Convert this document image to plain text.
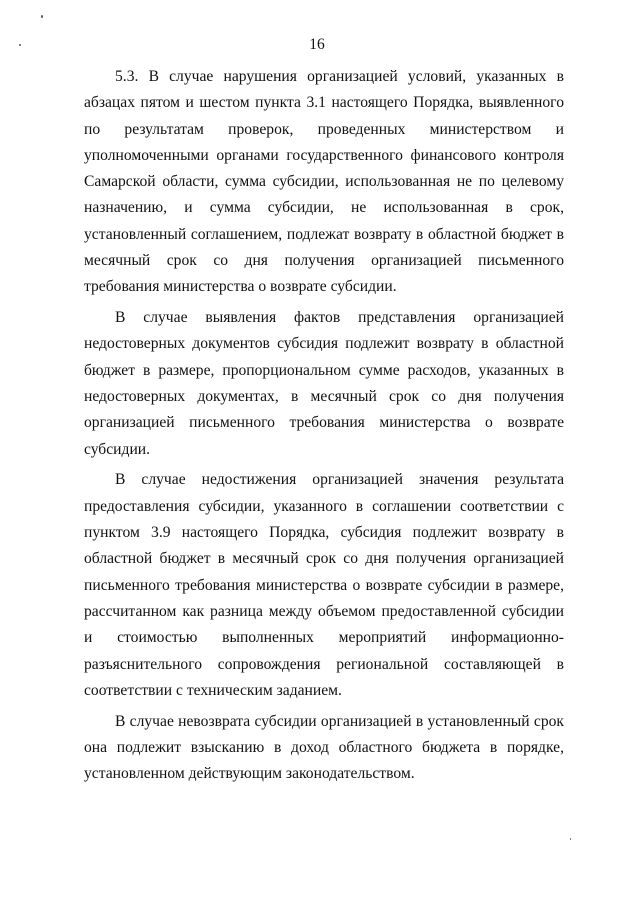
16

5.3. В случае нарушения организацией условий, указанных в абзацах пятом и шестом пункта 3.1 настоящего Порядка, выявленного по результатам проверок, проведенных министерством и уполномоченными органами государственного финансового контроля Самарской области, сумма субсидии, использованная не по целевому назначению, и сумма субсидии, не использованная в срок, установленный соглашением, подлежат возврату в областной бюджет в месячный срок со дня получения организацией письменного требования министерства о возврате субсидии.

В случае выявления фактов представления организацией недостоверных документов субсидия подлежит возврату в областной бюджет в размере, пропорциональном сумме расходов, указанных в недостоверных документах, в месячный срок со дня получения организацией письменного требования министерства о возврате субсидии.

В случае недостижения организацией значения результата предоставления субсидии, указанного в соглашении соответствии с пунктом 3.9 настоящего Порядка, субсидия подлежит возврату в областной бюджет в месячный срок со дня получения организацией письменного требования министерства о возврате субсидии в размере, рассчитанном как разница между объемом предоставленной субсидии и стоимостью выполненных мероприятий информационно-разъяснительного сопровождения региональной составляющей в соответствии с техническим заданием.

В случае невозврата субсидии организацией в установленный срок она подлежит взысканию в доход областного бюджета в порядке, установленном действующим законодательством.
